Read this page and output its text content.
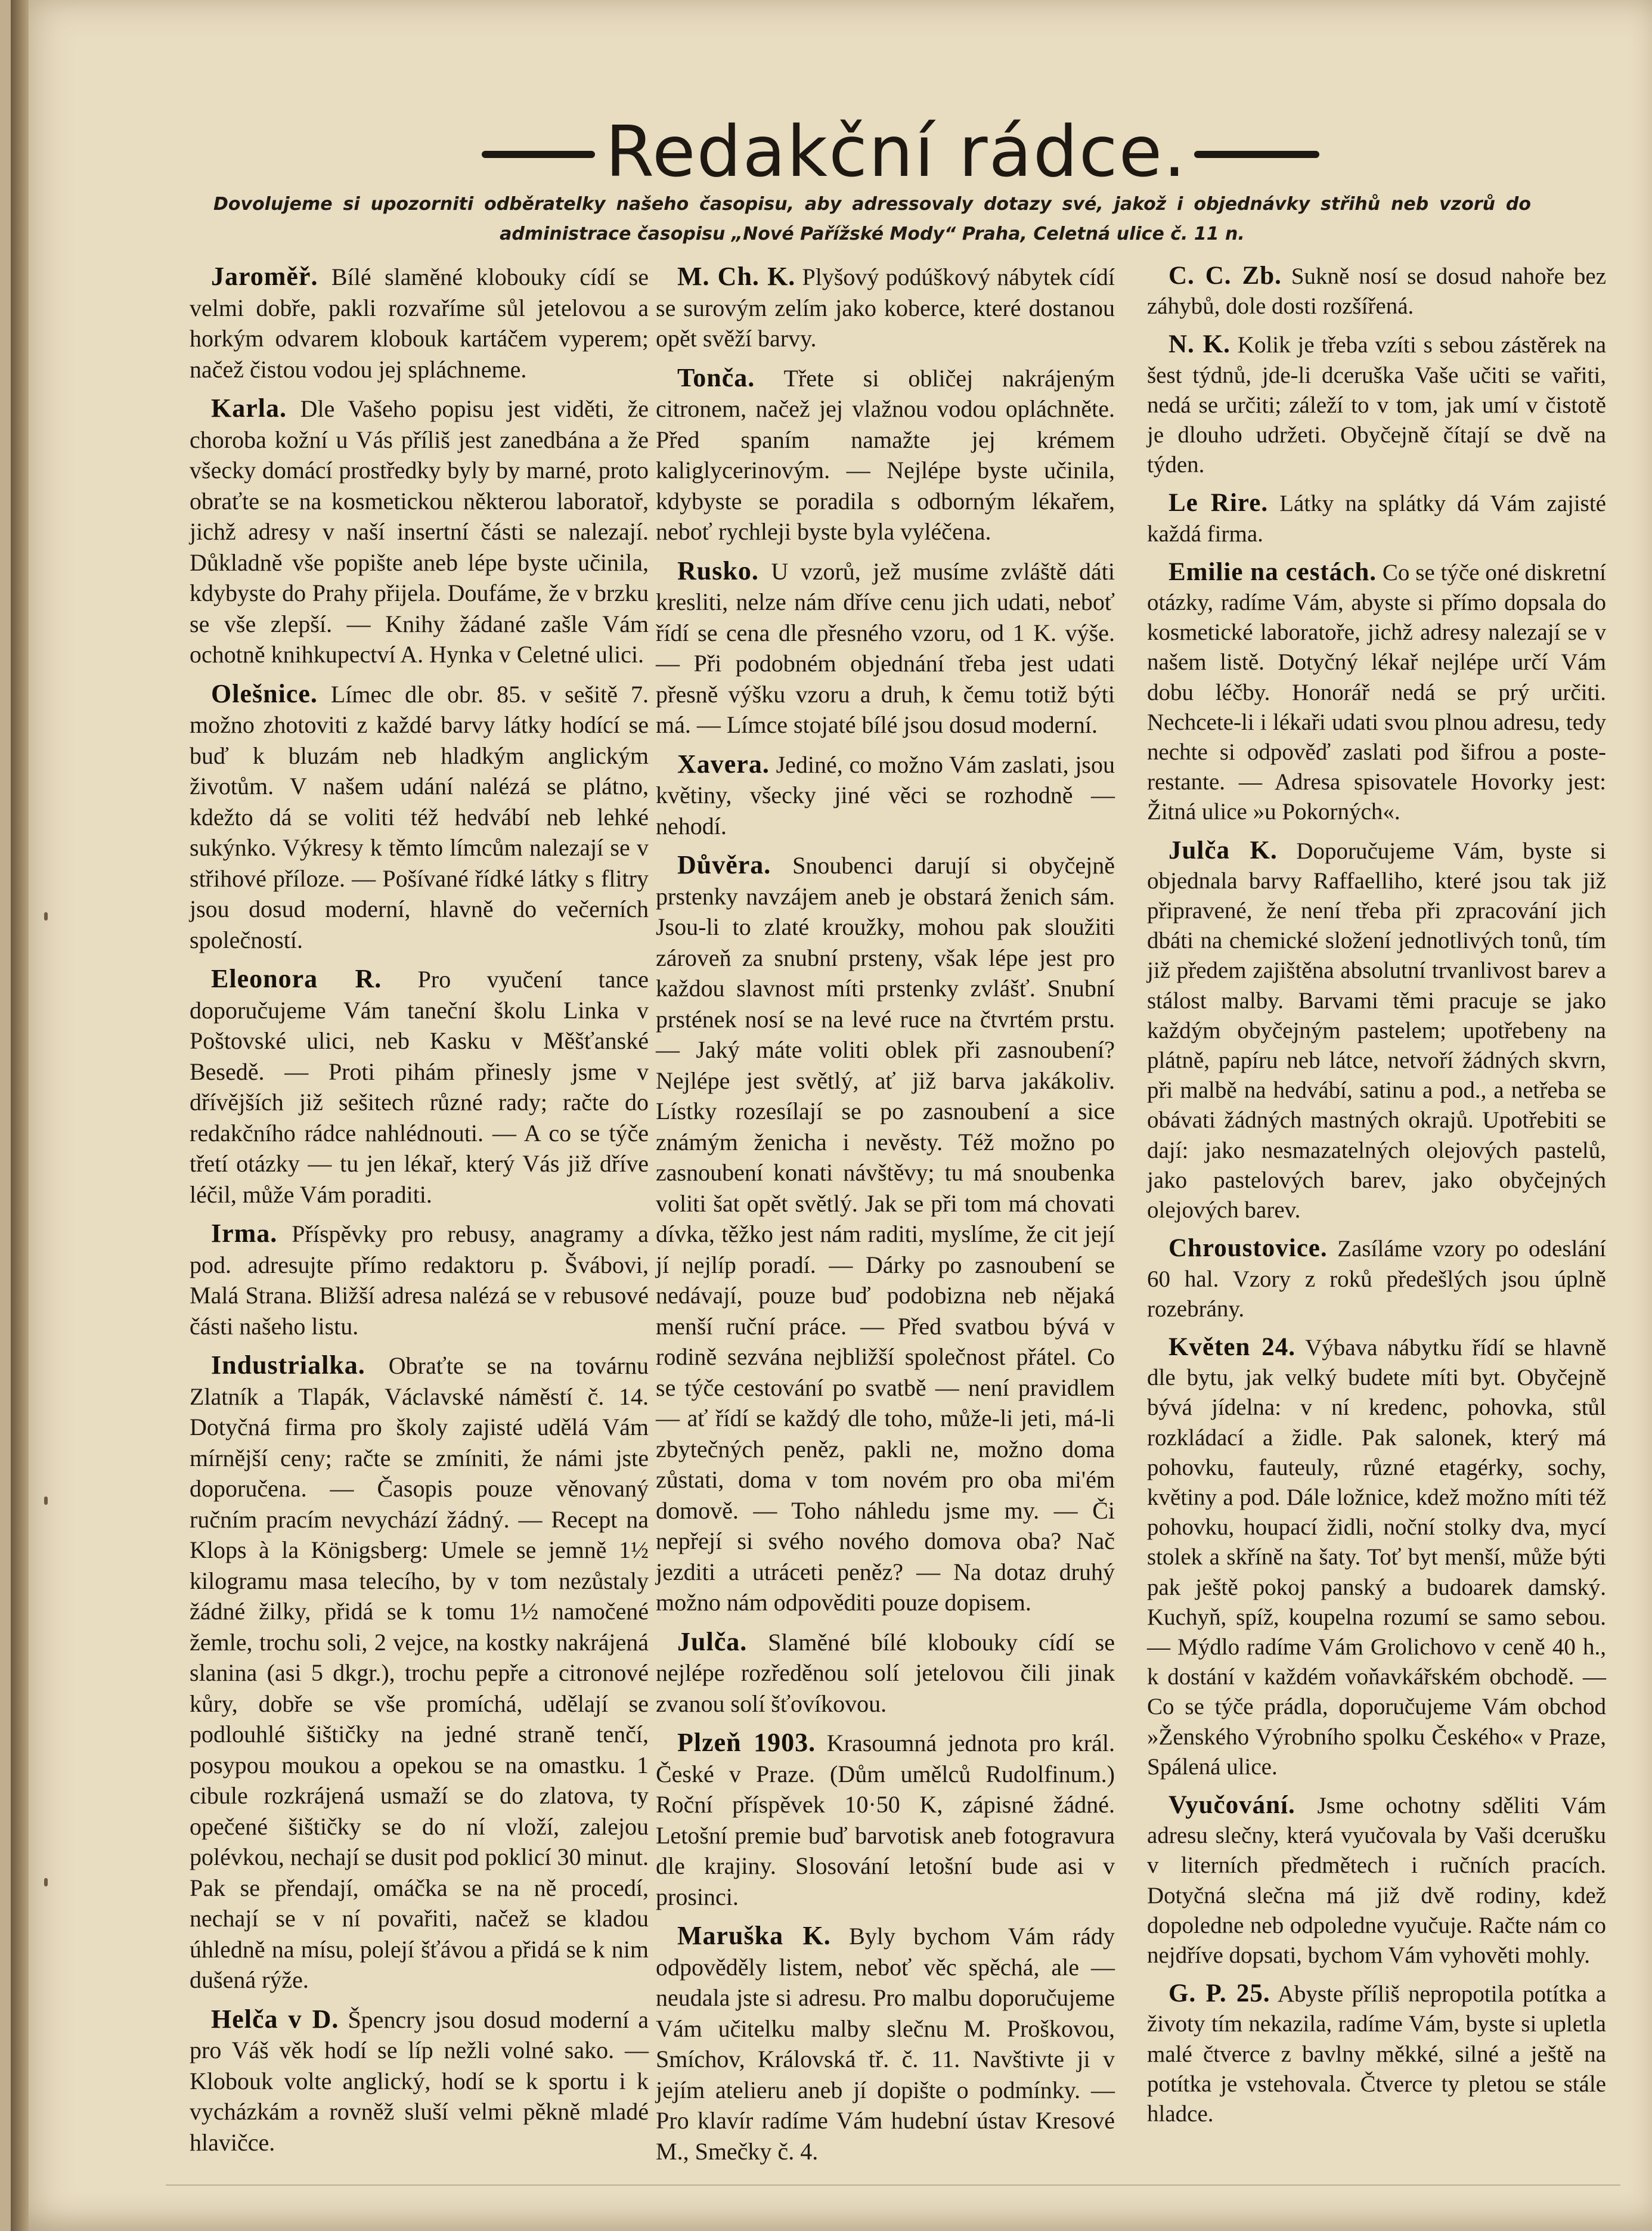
Redakční rádce.

Dovolujeme si upozorniti odběratelky našeho časopisu, aby adressovaly dotazy své, jakož i objednávky střihů neb vzorů do administrace časopisu „Nové Pařížské Mody“ Praha, Celetná ulice č. 11 n.

Jaroměř. Bílé slaměné klobouky cídí se velmi dobře, pakli rozvaříme sůl jetelovou a horkým odvarem klobouk kartáčem vyperem; načež čistou vodou jej spláchneme.

Karla. Dle Vašeho popisu jest viděti, že choroba kožní u Vás příliš jest zanedbána a že všecky domácí prostředky byly by marné, proto obraťte se na kosmetickou některou laboratoř, jichž adresy v naší insertní části se nalezají. Důkladně vše popište aneb lépe byste učinila, kdybyste do Prahy přijela. Doufáme, že v brzku se vše zlepší. — Knihy žádané zašle Vám ochotně knihkupectví A. Hynka v Celetné ulici.

Olešnice. Límec dle obr. 85. v sešitě 7. možno zhotoviti z každé barvy látky hodící se buď k bluzám neb hladkým anglickým životům. V našem udání nalézá se plátno, kdežto dá se voliti též hedvábí neb lehké sukýnko. Výkresy k těmto límcům nalezají se v střihové příloze. — Pošívané řídké látky s flitry jsou dosud moderní, hlavně do večerních společností.

Eleonora R. Pro vyučení tance doporučujeme Vám taneční školu Linka v Poštovské ulici, neb Kasku v Měšťanské Besedě. — Proti pihám přinesly jsme v dřívějších již sešitech různé rady; račte do redakčního rádce nahlédnouti. — A co se týče třetí otázky — tu jen lékař, který Vás již dříve léčil, může Vám poraditi.

Irma. Příspěvky pro rebusy, anagramy a pod. adresujte přímo redaktoru p. Švábovi, Malá Strana. Bližší adresa nalézá se v rebusové části našeho listu.

Industrialka. Obraťte se na továrnu Zlatník a Tlapák, Václavské náměstí č. 14. Dotyčná firma pro školy zajisté udělá Vám mírnější ceny; račte se zmíniti, že námi jste doporučena. — Časopis pouze věnovaný ručním pracím nevychází žádný. — Recept na Klops à la Königsberg: Umele se jemně 1½ kilogramu masa telecího, by v tom nezůstaly žádné žilky, přidá se k tomu 1½ namočené žemle, trochu soli, 2 vejce, na kostky nakrájená slanina (asi 5 dkgr.), trochu pepře a citronové kůry, dobře se vše promíchá, udělají se podlouhlé šištičky na jedné straně tenčí, posypou moukou a opekou se na omastku. 1 cibule rozkrájená usmaží se do zlatova, ty opečené šištičky se do ní vloží, zalejou polévkou, nechají se dusit pod poklicí 30 minut. Pak se přendají, omáčka se na ně procedí, nechají se v ní povařiti, načež se kladou úhledně na mísu, polejí šťávou a přidá se k nim dušená rýže.

Helča v D. Špencry jsou dosud moderní a pro Váš věk hodí se líp nežli volné sako. — Klobouk volte anglický, hodí se k sportu i k vycházkám a rovněž sluší velmi pěkně mladé hlavičce.

M. Ch. K. Plyšový podúškový nábytek cídí se surovým zelím jako koberce, které dostanou opět svěží barvy.

Tonča. Třete si obličej nakrájeným citronem, načež jej vlažnou vodou opláchněte. Před spaním namažte jej krémem kaliglycerinovým. — Nejlépe byste učinila, kdybyste se poradila s odborným lékařem, neboť rychleji byste byla vyléčena.

Rusko. U vzorů, jež musíme zvláště dáti kresliti, nelze nám dříve cenu jich udati, neboť řídí se cena dle přesného vzoru, od 1 K. výše. — Při podobném objednání třeba jest udati přesně výšku vzoru a druh, k čemu totiž býti má. — Límce stojaté bílé jsou dosud moderní.

Xavera. Jediné, co možno Vám zaslati, jsou květiny, všecky jiné věci se rozhodně — nehodí.

Důvěra. Snoubenci darují si obyčejně prstenky navzájem aneb je obstará ženich sám. Jsou-li to zlaté kroužky, mohou pak sloužiti zároveň za snubní prsteny, však lépe jest pro každou slavnost míti prstenky zvlášť. Snubní prstének nosí se na levé ruce na čtvrtém prstu. — Jaký máte voliti oblek při zasnoubení? Nejlépe jest světlý, ať již barva jakákoliv. Lístky rozesílají se po zasnoubení a sice známým ženicha i nevěsty. Též možno po zasnoubení konati návštěvy; tu má snoubenka voliti šat opět světlý. Jak se při tom má chovati dívka, těžko jest nám raditi, myslíme, že cit její jí nejlíp poradí. — Dárky po zasnoubení se nedávají, pouze buď podobizna neb nějaká menší ruční práce. — Před svatbou bývá v rodině sezvána nejbližší společnost přátel. Co se týče cestování po svatbě — není pravidlem — ať řídí se každý dle toho, může-li jeti, má-li zbytečných peněz, pakli ne, možno doma zůstati, doma v tom novém pro oba mi'ém domově. — Toho náhledu jsme my. — Či nepřejí si svého nového domova oba? Nač jezditi a utráceti peněz? — Na dotaz druhý možno nám odpověditi pouze dopisem.

Julča. Slaměné bílé klobouky cídí se nejlépe rozředěnou solí jetelovou čili jinak zvanou solí šťovíkovou.

Plzeň 1903. Krasoumná jednota pro král. České v Praze. (Dům umělců Rudolfinum.) Roční příspěvek 10·50 K, zápisné žádné. Letošní premie buď barvotisk aneb fotogravura dle krajiny. Slosování letošní bude asi v prosinci.

Maruška K. Byly bychom Vám rády odpověděly listem, neboť věc spěchá, ale — neudala jste si adresu. Pro malbu doporučujeme Vám učitelku malby slečnu M. Proškovou, Smíchov, Královská tř. č. 11. Navštivte ji v jejím atelieru aneb jí dopište o podmínky. — Pro klavír radíme Vám hudební ústav Kresové M., Smečky č. 4.

C. C. Zb. Sukně nosí se dosud nahoře bez záhybů, dole dosti rozšířená.

N. K. Kolik je třeba vzíti s sebou zástěrek na šest týdnů, jde-li dceruška Vaše učiti se vařiti, nedá se určiti; záleží to v tom, jak umí v čistotě je dlouho udržeti. Obyčejně čítají se dvě na týden.

Le Rire. Látky na splátky dá Vám zajisté každá firma.

Emilie na cestách. Co se týče oné diskretní otázky, radíme Vám, abyste si přímo dopsala do kosmetické laboratoře, jichž adresy nalezají se v našem listě. Dotyčný lékař nejlépe určí Vám dobu léčby. Honorář nedá se prý určiti. Nechcete-li i lékaři udati svou plnou adresu, tedy nechte si odpověď zaslati pod šifrou a poste-restante. — Adresa spisovatele Hovorky jest: Žitná ulice »u Pokorných«.

Julča K. Doporučujeme Vám, byste si objednala barvy Raffaelliho, které jsou tak již připravené, že není třeba při zpracování jich dbáti na chemické složení jednotlivých tonů, tím již předem zajištěna absolutní trvanlivost barev a stálost malby. Barvami těmi pracuje se jako každým obyčejným pastelem; upotřebeny na plátně, papíru neb látce, netvoří žádných skvrn, při malbě na hedvábí, satinu a pod., a netřeba se obávati žádných mastných okrajů. Upotřebiti se dají: jako nesmazatelných olejových pastelů, jako pastelových barev, jako obyčejných olejových barev.

Chroustovice. Zasíláme vzory po odeslání 60 hal. Vzory z roků předešlých jsou úplně rozebrány.

Květen 24. Výbava nábytku řídí se hlavně dle bytu, jak velký budete míti byt. Obyčejně bývá jídelna: v ní kredenc, pohovka, stůl rozkládací a židle. Pak salonek, který má pohovku, fauteuly, různé etagérky, sochy, květiny a pod. Dále ložnice, kdež možno míti též pohovku, houpací židli, noční stolky dva, mycí stolek a skříně na šaty. Toť byt menší, může býti pak ještě pokoj panský a budoarek damský. Kuchyň, spíž, koupelna rozumí se samo sebou. — Mýdlo radíme Vám Grolichovo v ceně 40 h., k dostání v každém voňavkářském obchodě. — Co se týče prádla, doporučujeme Vám obchod »Ženského Výrobního spolku Českého« v Praze, Spálená ulice.

Vyučování. Jsme ochotny sděliti Vám adresu slečny, která vyučovala by Vaši dcerušku v literních předmětech i ručních pracích. Dotyčná slečna má již dvě rodiny, kdež dopoledne neb odpoledne vyučuje. Račte nám co nejdříve dopsati, bychom Vám vyhověti mohly.

G. P. 25. Abyste příliš nepropotila potítka a životy tím nekazila, radíme Vám, byste si upletla malé čtverce z bavlny měkké, silné a ještě na potítka je vstehovala. Čtverce ty pletou se stále hladce.
